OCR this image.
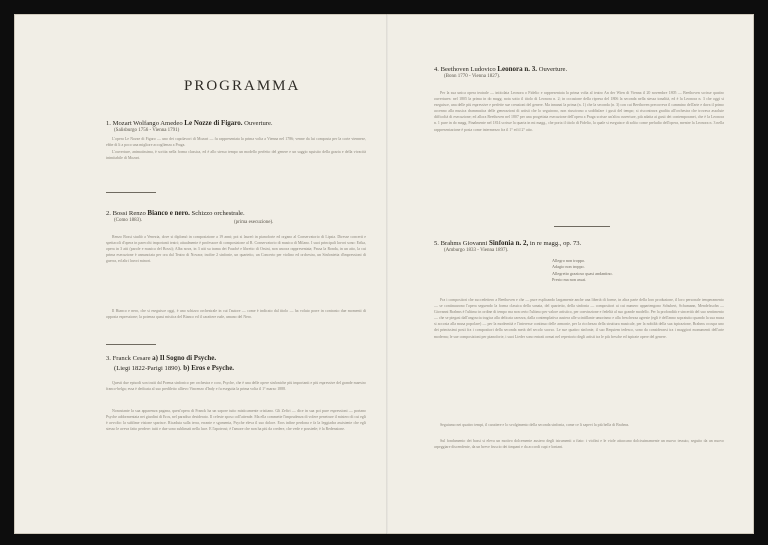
PROGRAMMA
1. Mozart Wolfango Amedeo Le Nozze di Figaro. Ouverture.
(Salisburgo 1756 - Vienna 1791)

L'opera Le Nozze di Figaro — uno dei capolavori di Mozart — fu rappresentata la prima volta a Vienna nel 1786; venne da lui composta per la corte viennese, ebbe di li a poco una migliore accoglienza a Praga.

L'ouverture, animatissima, è scritta nella forma classica, ed è allo stesso tempo un modello perfetto del genere e un saggio squisito della grazia e della vivacità inimitabile di Mozart.

2. Bossi Renzo Bianco e nero. Schizzo orchestrale.
(Como 1883).	(prima esecuzione).

Renzo Bossi studiò a Venezia, dove si diplomò in composizione a 19 anni; poi si laureò in pianoforte ed organo al Conservatorio di Lipsia. Diresse concerti e spettacoli d'opera in parecchi importanti teatri; attualmente è professore di composizione al R. Conservatorio di musica di Milano. I suoi principali lavori sono: Erika, opera in 3 atti (parole e musica del Bossi); Alba nova, in 3 atti su trama dei Fauché e libretto di Orsini, non ancora rappresentata; Passa la Ronda, in un atto, la cui prima esecuzione è annunciata per ora dal Teatro di Novara; inoltre 2 sinfonie, un quartetto, un Concerto per violino ed orchestra, un Sinfonietta d'impressioni di guerra, ed altri lavori minori.

Il Bianco e nero, che si eseguisce oggi, è uno schizzo orchestrale in cui l'autore — come è indicato dal titolo — ha voluto porre in contrasto due momenti di opposta espressione; la potenza quasi mistica del Bianco ed il carattere rude, umano del Nero.

3. Franck Cesare a) Il Sogno di Psyche.
(Liegi 1822-Parigi 1890). b) Eros e Psyche.

Questi due episodi son tratti dal Poema sinfonico per orchestra e coro, Psyche, che è una delle opere sinfoniche più importanti e più espressive del grande maestro franco-belga; essa è dedicata al suo prediletto allievo Vincenzo d'Indy e fu eseguita la prima volta il 1° marzo 1888.

Nonostante la sua apparenza pagana, quest'opera di Franck ha un sapore tutto misticamente cristiano. Gli Zefiri — dice in sua poi pure espressioni — portano Psyche addormentata nei giardini di Eros, nel paradiso desiderato. Il celeste sposo coll'attende. Ma ella commette l'imprudenza di volere penetrare il mistero di cui egli è avvolto: la sublime visione sparisce. Ricaduta sulla terra, errante e sgomenta, Psyche eleva il suo dolore. Eros infine perdona e fa la leggiadra assistente che egli stesso le aveva fatto perdere: tutti e due sono sublimati nella luce. E l'apoteosi; è l'amore che non ha più da credere, che vede e possiede; è la Redenzione.

4. Beethoven Ludovico Leonora n. 3. Ouverture.
(Bonn 1770 - Vienna 1827).

Per la sua unica opera teatrale — intitolata Leonora o Fidelio e rappresentata la prima volta al teatro An der Wien di Vienna il 20 novembre 1805 — Beethoven scrisse quattro ouvertures: nel 1805 la prima in do magg. nota sotto il titolo di Leonora n. 2; in occasione della ripresa del 1806 la seconda nella stessa tonalità, ed è la Leonora n. 3 che oggi si eseguisce, una delle più espressive e perfette sue creazioni del genere. Ma innanzi la prima (n. 1) che la seconda (n. 3) con cui Beethoven precorreva il cammino dell'arte e dava il primo accenno alla musica drammatica delle generazioni di artisti che lo seguirono, non riuscirono a soddisfare i gusti del tempo; si riscontrava gradita all'orchestra che trovava assolute difficoltà di esecuzione; ed allora Beethoven nel 1807 per una progettata esecuzione dell'opera a Praga scrisse un'altra ouverture, più adatta ai gusti dei contemporanei, che è la Leonora n. 1 pure in do magg. Finalmente nel 1814 scrisse la quarta in mi magg., che porta il titolo di Fidelio, la quale si eseguisce di solito come preludio dell'opera, mentre la Leonora n. 3 nella rappresentazione è posta come intermezzo fra il 1° ed il 2° atto.

5. Brahms Giovanni Sinfonia n. 2, in re magg., op. 73.
(Amburgo 1833 - Vienna 1897).
Allegro non troppo.
Adagio non troppo.
Allegretto grazioso quasi andantino.
Presto ma non assai.

Fra i compositori che succedettero a Beethoven e che — pure esplicando largamente anche una libertà di forme, in altra parte della loro produzione, il loro personale temperamento — se continuarono l'opera seguendo la forma classica della sonata, del quartetto, della sinfonia — compositori ai cui numero appartengono Schubert, Schumann, Mendelssohn — Giovanni Brahms è l'ultimo in ordine di tempo ma non certo l'ultimo per valore artistico, per convinzione e fedeltà al suo grande modello. Per la profondità e sincerità del suo sentimento — che se piegasi dall'angoscia tragica alla delicata carezza, dalla contemplativa austera alle scintillante umorismo e alla freschezza agreste (egli è dell'anno sopratutto quando la sua musa si accosta alla musa popolare) — per la modernità e l'interesse continuo delle armonie, per la ricchezza della struttura musicale, per la nobiltà della sua ispirazione, Brahms occupa uno dei primissimi posti fra i compositori della seconda metà del secolo scorso. Le sue quattro sinfonie, il suo Requiem tedesco, sono da considerarsi tra i maggiori monumenti dell'arte moderna; le sue composizioni per pianoforte, i suoi Lieder sono entrati ormai nel repertorio degli artisti tra le più fresche ed ispirate opere del genere.

Seguiamo nei quattro tempi, il carattere e lo svolgimento della seconda sinfonia, come ce li sapevi la più bella di Brahms.

Sul fondamento dei bassi si eleva un motivo dolcemente austero degli istrumenti a fiato: i violini e le viole attaccano dolcissimamente un nuovo tessuto, seguito da un nuovo arpeggiare discendente, da un breve fruscio dei timpani e da accordi cupi e lontani.
